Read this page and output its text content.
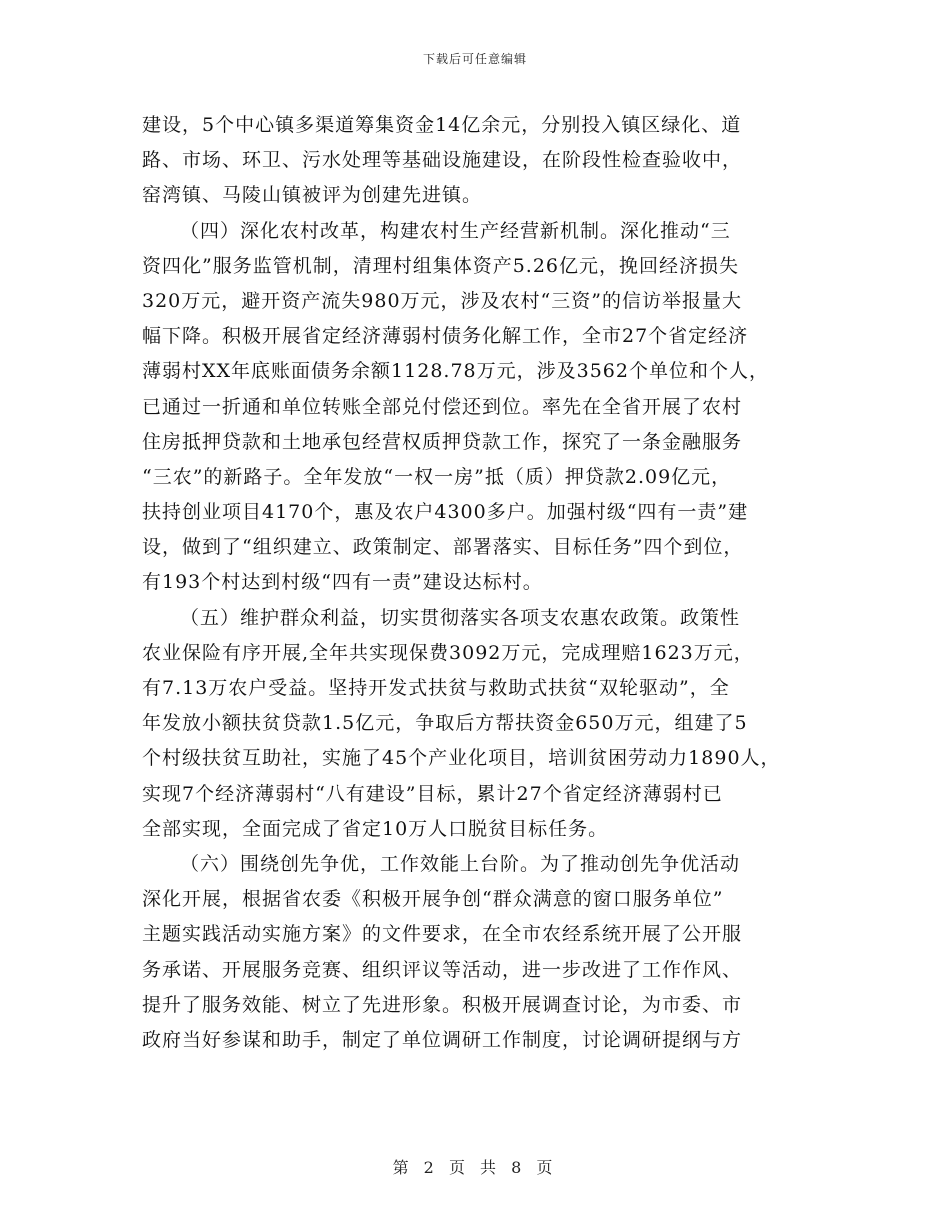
下载后可任意编辑
建设，5个中心镇多渠道筹集资金14亿余元，分别投入镇区绿化、道
路、市场、环卫、污水处理等基础设施建设，在阶段性检查验收中，
窑湾镇、马陵山镇被评为创建先进镇。
（四）深化农村改革，构建农村生产经营新机制。深化推动“三
资四化”服务监管机制，清理村组集体资产5.26亿元，挽回经济损失
320万元，避开资产流失980万元，涉及农村“三资”的信访举报量大
幅下降。积极开展省定经济薄弱村债务化解工作，全市27个省定经济
薄弱村XX年底账面债务余额1128.78万元，涉及3562个单位和个人，
已通过一折通和单位转账全部兑付偿还到位。率先在全省开展了农村
住房抵押贷款和土地承包经营权质押贷款工作，探究了一条金融服务
“三农”的新路子。全年发放“一权一房”抵（质）押贷款2.09亿元，
扶持创业项目4170个，惠及农户4300多户。加强村级“四有一责”建
设，做到了“组织建立、政策制定、部署落实、目标任务”四个到位，
有193个村达到村级“四有一责”建设达标村。
（五）维护群众利益，切实贯彻落实各项支农惠农政策。政策性
农业保险有序开展,全年共实现保费3092万元，完成理赔1623万元，
有7.13万农户受益。坚持开发式扶贫与救助式扶贫“双轮驱动”，全
年发放小额扶贫贷款1.5亿元，争取后方帮扶资金650万元，组建了5
个村级扶贫互助社，实施了45个产业化项目，培训贫困劳动力1890人，
实现7个经济薄弱村“八有建设”目标，累计27个省定经济薄弱村已
全部实现，全面完成了省定10万人口脱贫目标任务。
（六）围绕创先争优，工作效能上台阶。为了推动创先争优活动
深化开展，根据省农委《积极开展争创“群众满意的窗口服务单位”
主题实践活动实施方案》的文件要求，在全市农经系统开展了公开服
务承诺、开展服务竞赛、组织评议等活动，进一步改进了工作作风、
提升了服务效能、树立了先进形象。积极开展调查讨论，为市委、市
政府当好参谋和助手，制定了单位调研工作制度，讨论调研提纲与方
第 2 页 共 8 页
